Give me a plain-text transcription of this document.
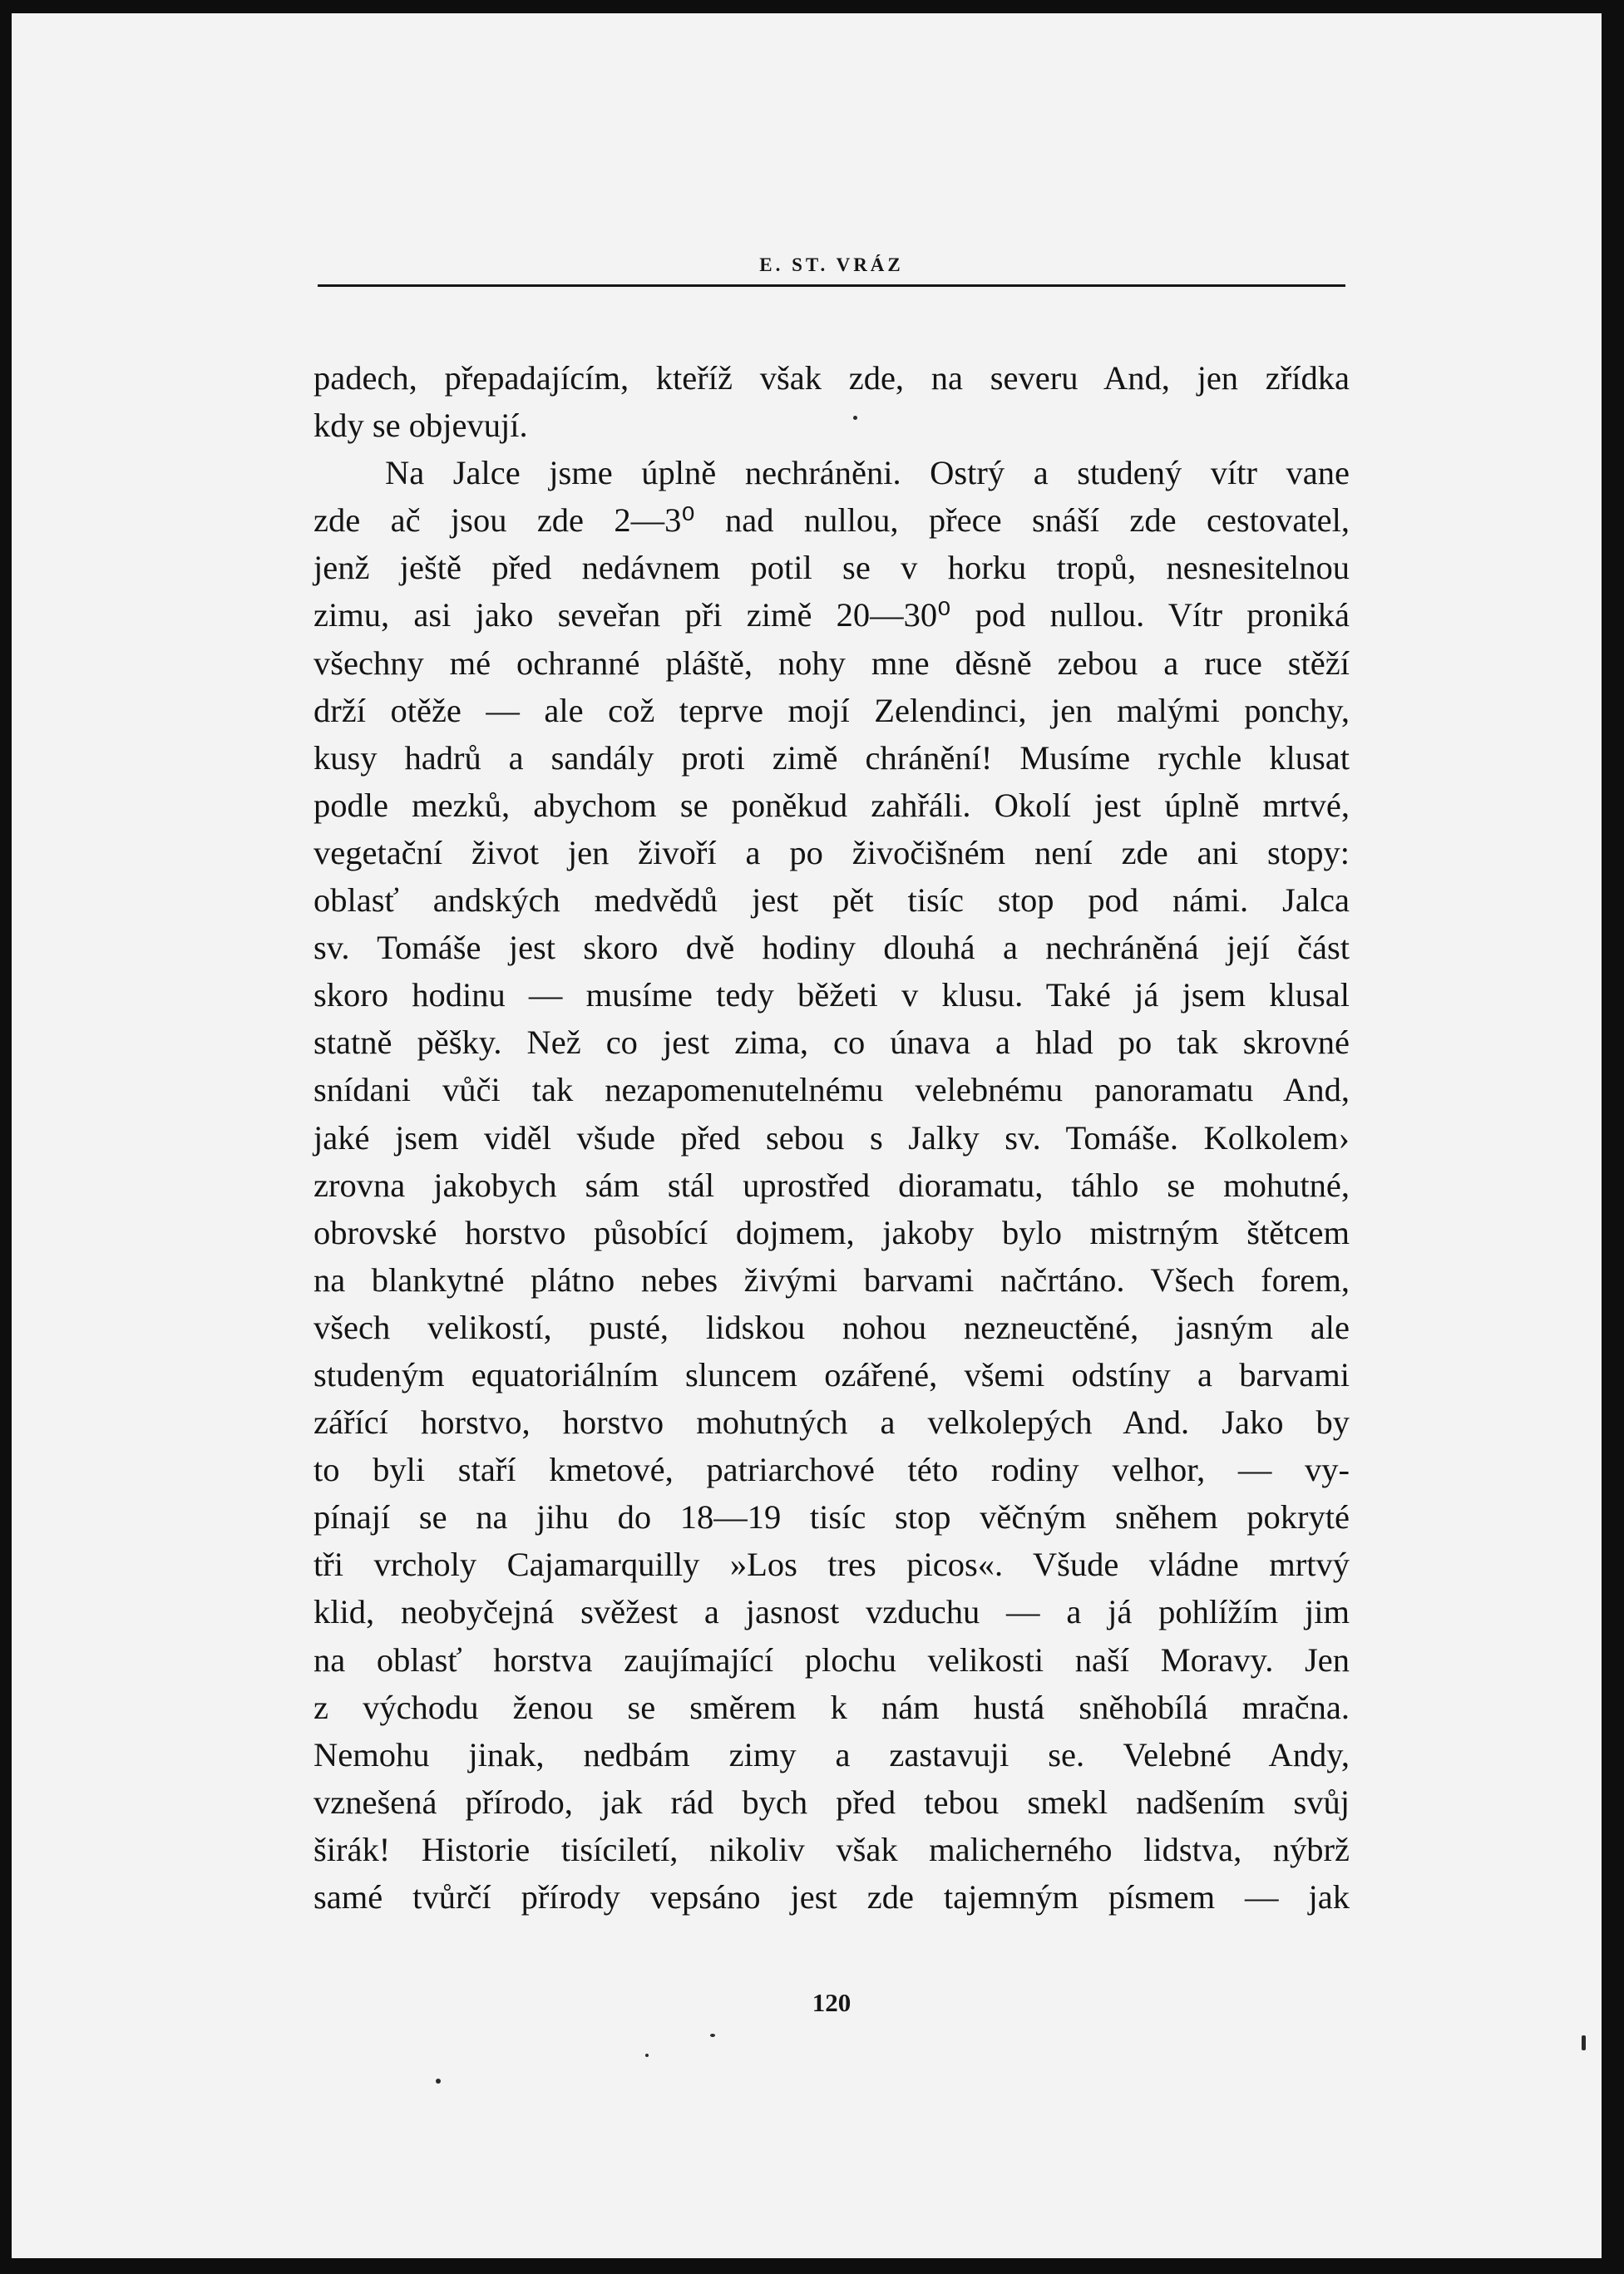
E. ST. VRÁZ
padech, přepadajícím, kteříž však zde, na severu And, jen zřídka
kdy se objevují.
Na Jalce jsme úplně nechráněni. Ostrý a studený vítr vane
zde ač jsou zde 2—3⁰ nad nullou, přece snáší zde cestovatel,
jenž ještě před nedávnem potil se v horku tropů, nesnesitelnou
zimu, asi jako seveřan při zimě 20—30⁰ pod nullou. Vítr proniká
všechny mé ochranné pláště, nohy mne děsně zebou a ruce stěží
drží otěže — ale což teprve mojí Zelendinci, jen malými ponchy,
kusy hadrů a sandály proti zimě chránění! Musíme rychle klusat
podle mezků, abychom se poněkud zahřáli. Okolí jest úplně mrtvé,
vegetační život jen živoří a po živočišném není zde ani stopy:
oblasť andských medvědů jest pět tisíc stop pod námi. Jalca
sv. Tomáše jest skoro dvě hodiny dlouhá a nechráněná její část
skoro hodinu — musíme tedy běžeti v klusu. Také já jsem klusal
statně pěšky. Než co jest zima, co únava a hlad po tak skrovné
snídani vůči tak nezapomenutelnému velebnému panoramatu And,
jaké jsem viděl všude před sebou s Jalky sv. Tomáše. Kolkolem›
zrovna jakobych sám stál uprostřed dioramatu, táhlo se mohutné,
obrovské horstvo působící dojmem, jakoby bylo mistrným štětcem
na blankytné plátno nebes živými barvami načrtáno. Všech forem,
všech velikostí, pusté, lidskou nohou nezneuctěné, jasným ale
studeným equatoriálním sluncem ozářené, všemi odstíny a barvami
zářící horstvo, horstvo mohutných a velkolepých And. Jako by
to byli staří kmetové, patriarchové této rodiny velhor, — vy-
pínají se na jihu do 18—19 tisíc stop věčným sněhem pokryté
tři vrcholy Cajamarquilly »Los tres picos«. Všude vládne mrtvý
klid, neobyčejná svěžest a jasnost vzduchu — a já pohlížím jim
na oblasť horstva zaujímající plochu velikosti naší Moravy. Jen
z východu ženou se směrem k nám hustá sněhobílá mračna.
Nemohu jinak, nedbám zimy a zastavuji se. Velebné Andy,
vznešená přírodo, jak rád bych před tebou smekl nadšením svůj
širák! Historie tisíciletí, nikoliv však malicherného lidstva, nýbrž
samé tvůrčí přírody vepsáno jest zde tajemným písmem — jak
120
